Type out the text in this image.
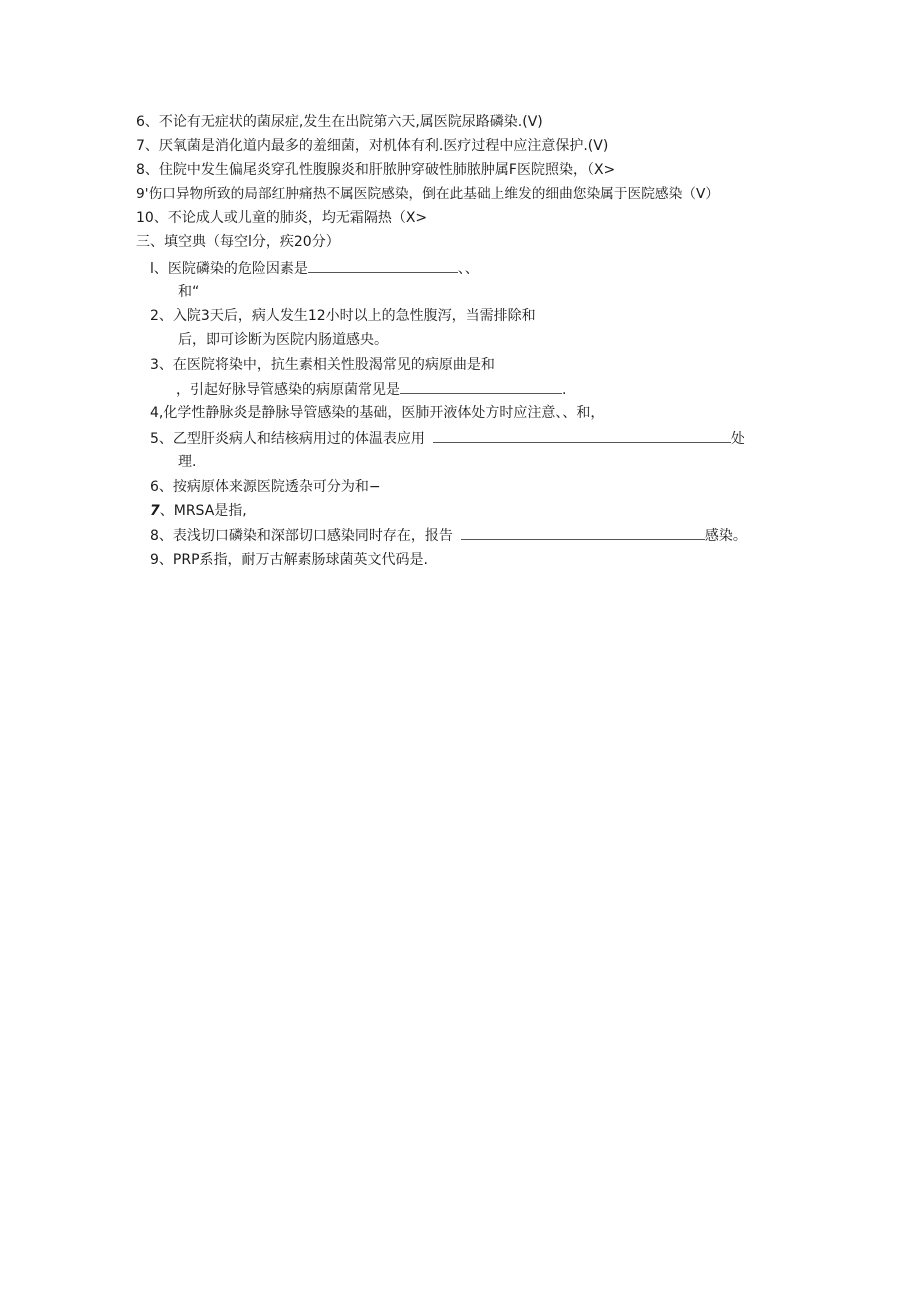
6、不论有无症状的菌尿症,发生在出院第六天,属医院尿路磷染.(V)
7、厌氧菌是消化道内最多的羞细菌，对机体有利.医疗过程中应注意保护.(V)
8、住院中发生偏尾炎穿孔性腹腺炎和肝脓肿穿破性肺脓肿属F医院照染，（X>
9'伤口异物所致的局部红肿痛热不属医院感染，倒在此基础上维发的细曲您染属于医院感染（V）
10、不论成人或儿童的肺炎，均无霜隔热（X>
三、填空典（每空l分，疾20分）
l、医院磷染的危险因素是	、、
和“
2、入院3天后，病人发生12小时以上的急性腹泻，当需排除和
后，即可诊断为医院内肠道感央。
3、在医院将染中，抗生素相关性股渴常见的病原曲是和
，引起好脉导管感染的病原菌常见是	.
4,化学性静脉炎是静脉导管感染的基础，医肺开液体处方时应注意、、和，
5、乙型肝炎病人和结核病用过的体温表应用	处
理.
6、按病原体来源医院透杂可分为和−
7、MRSA是指,
8、表浅切口磷染和深部切口感染同时存在，报告	感染。
9、PRP系指，耐万古解素肠球菌英文代码是.
